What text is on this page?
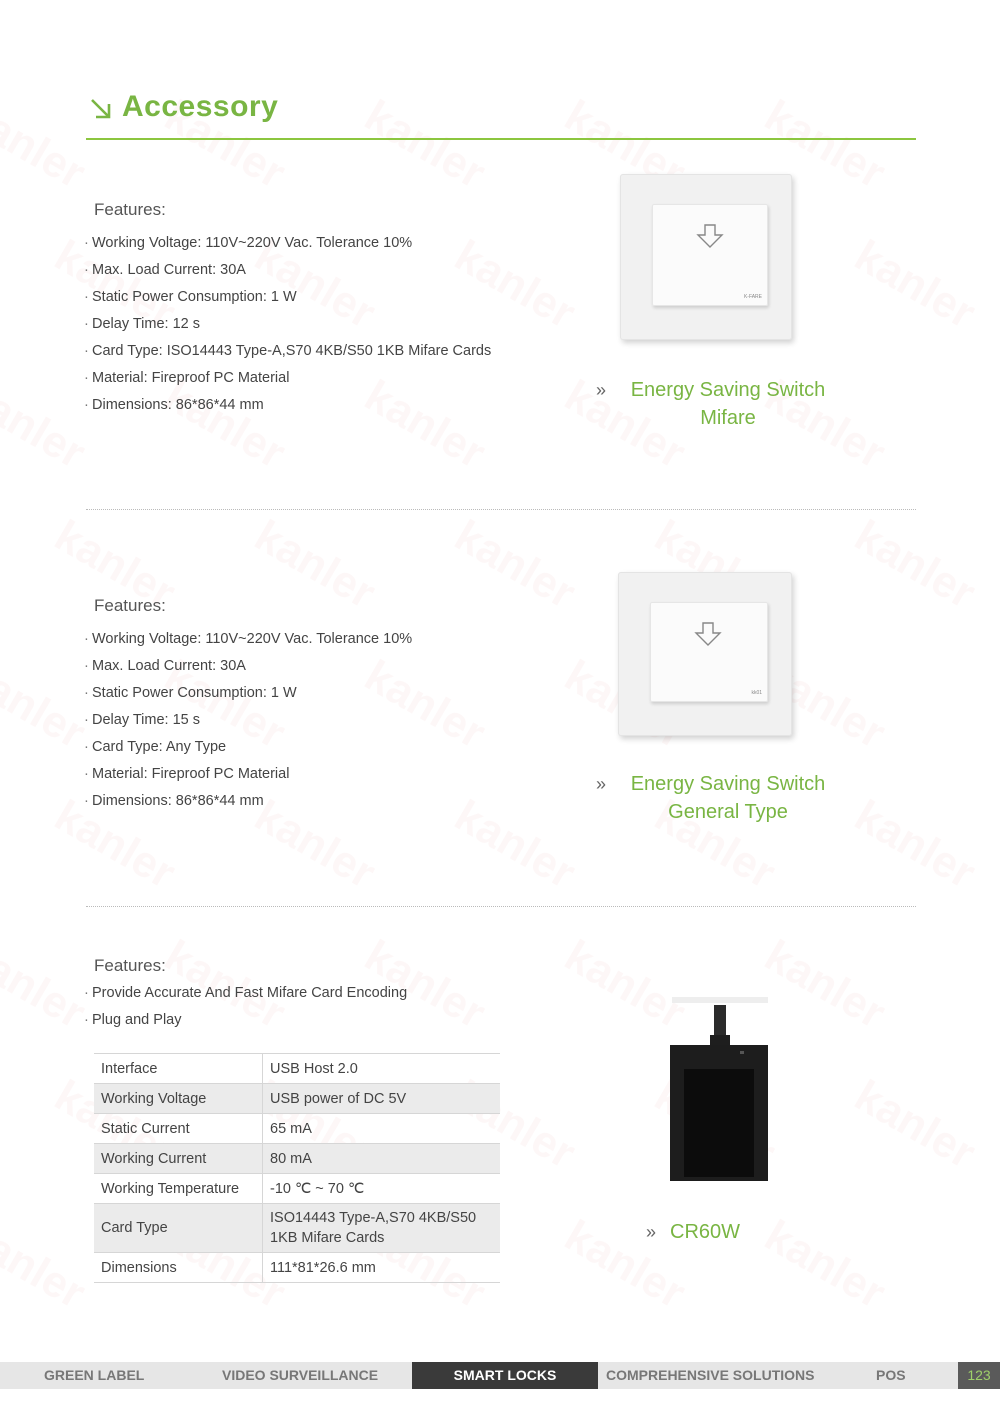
Accessory
Features:
· Working Voltage: 110V~220V Vac. Tolerance 10%
· Max. Load Current: 30A
· Static Power Consumption: 1 W
· Delay Time: 12 s
· Card Type: ISO14443 Type-A,S70 4KB/S50 1KB Mifare Cards
· Material: Fireproof PC Material
· Dimensions: 86*86*44 mm
K-FARE
»	Energy Saving Switch
Mifare
Features:
· Working Voltage: 110V~220V Vac. Tolerance 10%
· Max. Load Current: 30A
· Static Power Consumption: 1 W
· Delay Time: 15 s
· Card Type: Any Type
· Material: Fireproof PC Material
· Dimensions: 86*86*44 mm
kk01
»	Energy Saving Switch
General Type
Features:
· Provide Accurate And Fast Mifare Card Encoding
· Plug and Play
Interface	USB Host 2.0
Working Voltage	USB power of DC 5V
Static Current	65 mA
Working Current	80 mA
Working Temperature	-10 ℃ ~ 70 ℃
Card Type	ISO14443 Type-A,S70 4KB/S50 1KB Mifare Cards
Dimensions	111*81*26.6 mm
» CR60W
GREEN LABEL	VIDEO SURVEILLANCE	SMART LOCKS	COMPREHENSIVE SOLUTIONS	POS	123
